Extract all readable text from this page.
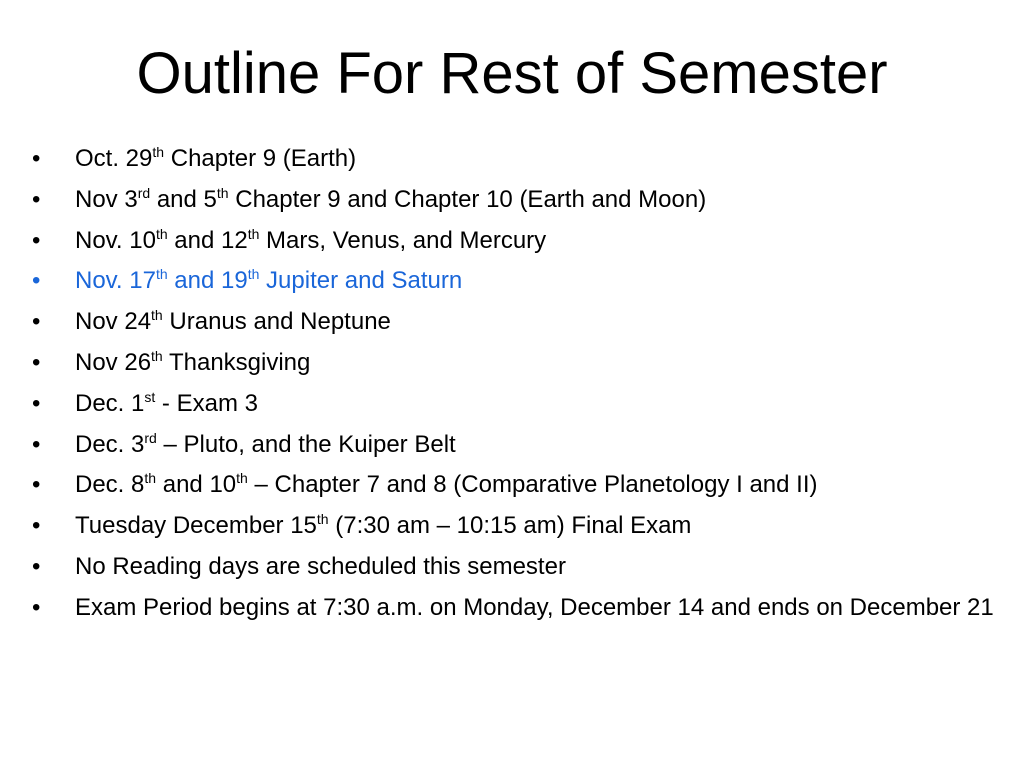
Outline For Rest of Semester
• Oct. 29th Chapter 9 (Earth)
• Nov 3rd and 5th Chapter 9 and Chapter 10 (Earth and Moon)
• Nov. 10th and 12th Mars, Venus, and Mercury
• Nov. 17th and 19th Jupiter and Saturn
• Nov 24th Uranus and Neptune
• Nov 26th Thanksgiving
• Dec. 1st - Exam 3
• Dec. 3rd – Pluto, and the Kuiper Belt
• Dec. 8th and 10th – Chapter 7 and 8 (Comparative Planetology I and II)
• Tuesday December 15th (7:30 am – 10:15 am) Final Exam
• No Reading days are scheduled this semester
• Exam Period begins at 7:30 a.m. on Monday, December 14 and ends on December 21
